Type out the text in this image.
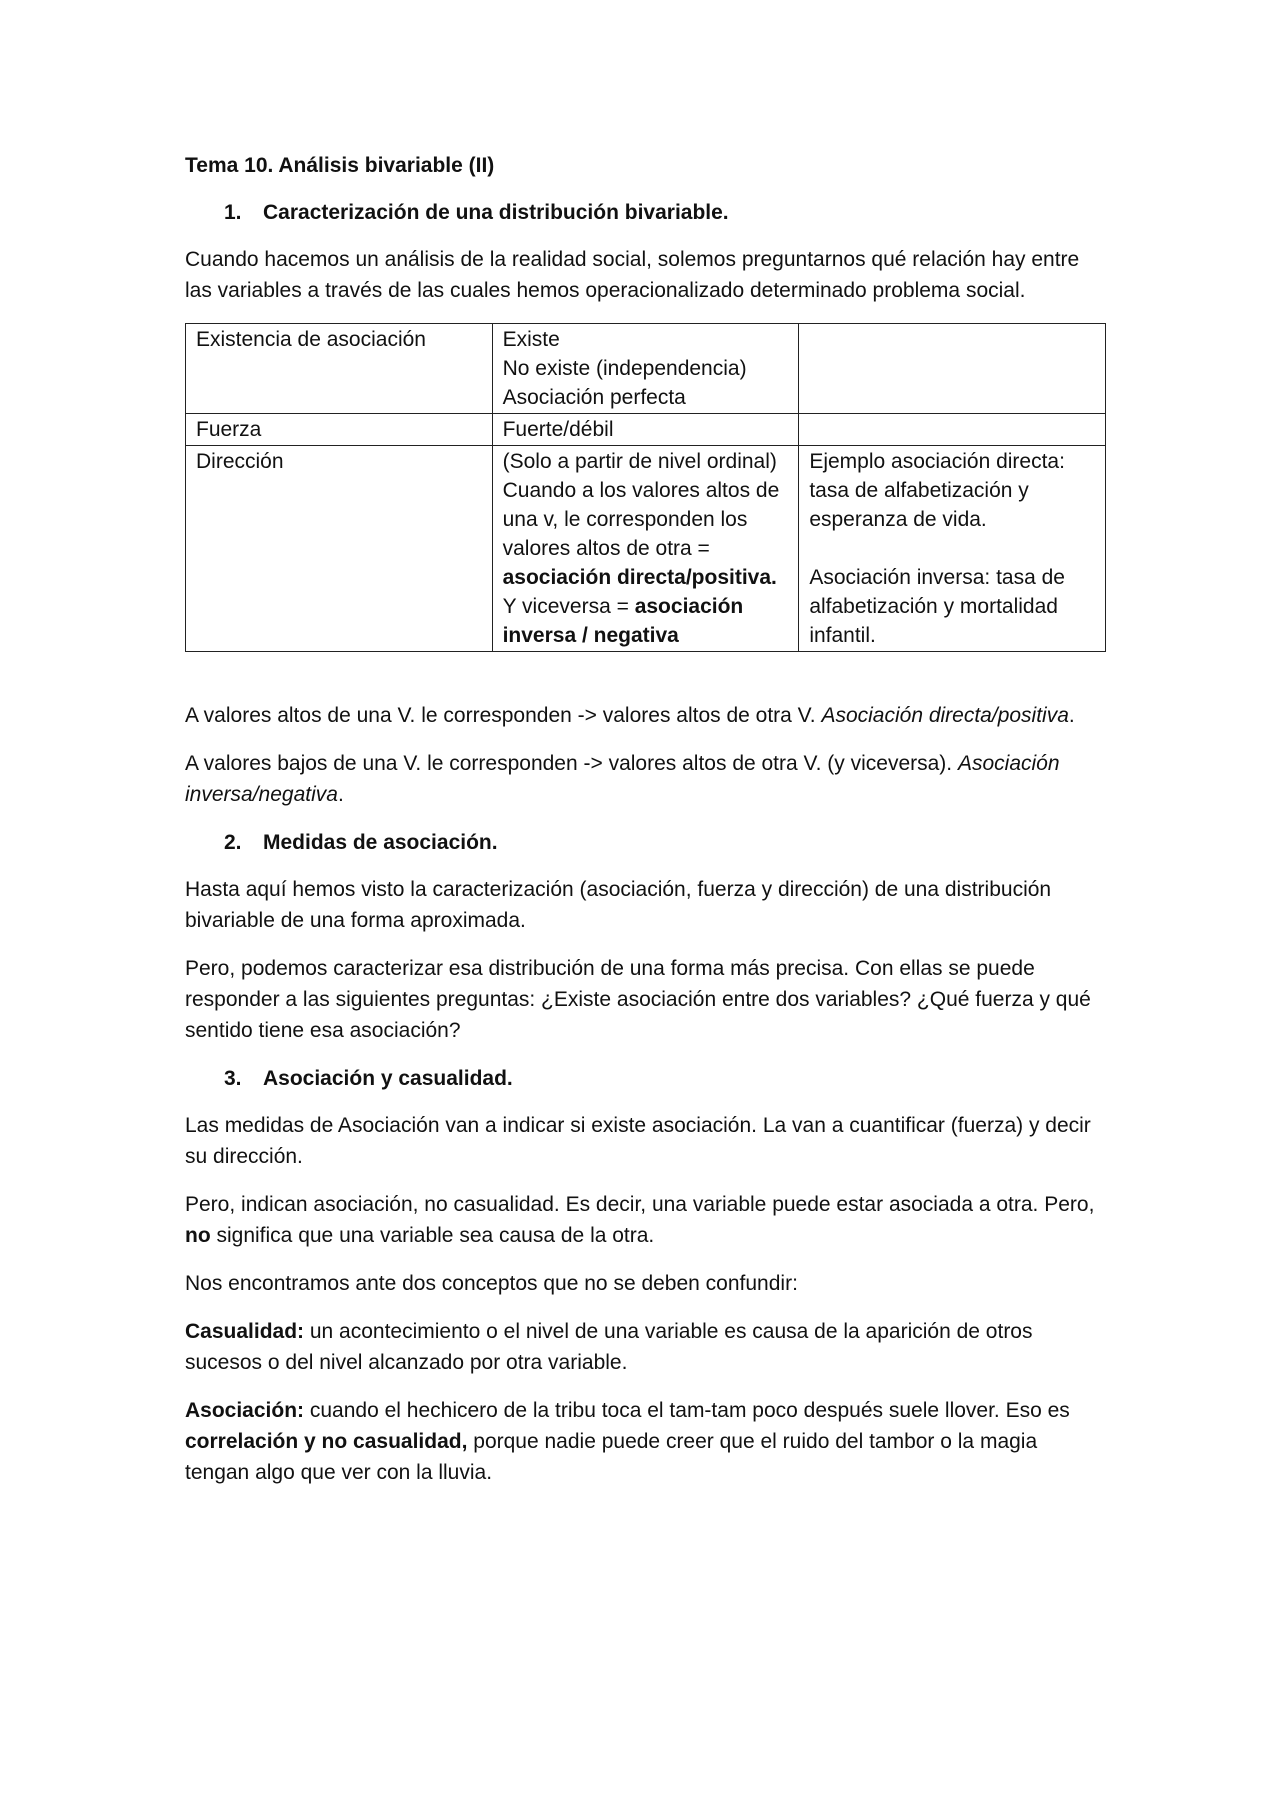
Tema 10. Análisis bivariable (II)
1.	Caracterización de una distribución bivariable.

Cuando hacemos un análisis de la realidad social, solemos preguntarnos qué relación hay entre las variables a través de las cuales hemos operacionalizado determinado problema social.

Existencia de asociación	Existe
No existe (independencia)
Asociación perfecta	

Fuerza	Fuerte/débil	
Dirección	(Solo a partir de nivel ordinal)
Cuando a los valores altos de una v, le corresponden los valores altos de otra = asociación directa/positiva.
Y viceversa = asociación inversa / negativa	Ejemplo asociación directa: tasa de alfabetización y esperanza de vida.
Asociación inversa: tasa de alfabetización y mortalidad infantil.

A valores altos de una V. le corresponden -> valores altos de otra V. Asociación directa/positiva.

A valores bajos de una V. le corresponden -> valores altos de otra V. (y viceversa). Asociación inversa/negativa.

2.	Medidas de asociación.

Hasta aquí hemos visto la caracterización (asociación, fuerza y dirección) de una distribución bivariable de una forma aproximada.

Pero, podemos caracterizar esa distribución de una forma más precisa. Con ellas se puede responder a las siguientes preguntas: ¿Existe asociación entre dos variables? ¿Qué fuerza y qué sentido tiene esa asociación?

3.	Asociación y casualidad.

Las medidas de Asociación van a indicar si existe asociación. La van a cuantificar (fuerza) y decir su dirección.

Pero, indican asociación, no casualidad. Es decir, una variable puede estar asociada a otra. Pero, no significa que una variable sea causa de la otra.

Nos encontramos ante dos conceptos que no se deben confundir:

Casualidad: un acontecimiento o el nivel de una variable es causa de la aparición de otros sucesos o del nivel alcanzado por otra variable.

Asociación: cuando el hechicero de la tribu toca el tam-tam poco después suele llover. Eso es correlación y no casualidad, porque nadie puede creer que el ruido del tambor o la magia tengan algo que ver con la lluvia.
